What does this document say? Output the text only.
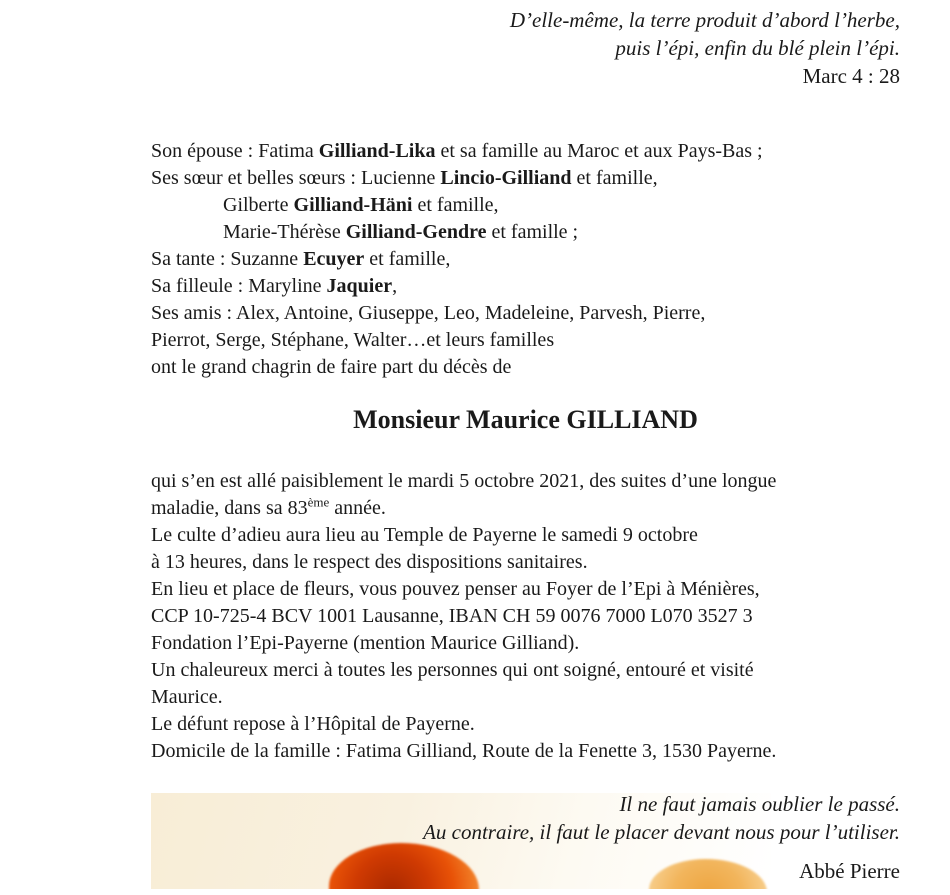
D’elle-même, la terre produit d’abord l’herbe,
puis l’épi, enfin du blé plein l’épi.
Marc 4 : 28
Son épouse : Fatima Gilliand-Lika et sa famille au Maroc et aux Pays-Bas ;
Ses sœur et belles sœurs : Lucienne Lincio-Gilliand et famille,
Gilberte Gilliand-Häni et famille,
Marie-Thérèse Gilliand-Gendre et famille ;
Sa tante : Suzanne Ecuyer et famille,
Sa filleule : Maryline Jaquier,
Ses amis : Alex, Antoine, Giuseppe, Leo, Madeleine, Parvesh, Pierre,
Pierrot, Serge, Stéphane, Walter…et leurs familles
ont le grand chagrin de faire part du décès de
Monsieur Maurice GILLIAND
qui s’en est allé paisiblement le mardi 5 octobre 2021, des suites d’une longue
maladie, dans sa 83ème année.
Le culte d’adieu aura lieu au Temple de Payerne le samedi 9 octobre
à 13 heures, dans le respect des dispositions sanitaires.
En lieu et place de fleurs, vous pouvez penser au Foyer de l’Epi à Ménières,
CCP 10-725-4 BCV 1001 Lausanne, IBAN CH 59 0076 7000 L070 3527 3
Fondation l’Epi-Payerne (mention Maurice Gilliand).
Un chaleureux merci à toutes les personnes qui ont soigné, entouré et visité
Maurice.
Le défunt repose à l’Hôpital de Payerne.
Domicile de la famille : Fatima Gilliand, Route de la Fenette 3, 1530 Payerne.
Il ne faut jamais oublier le passé.
Au contraire, il faut le placer devant nous pour l’utiliser.
Abbé Pierre
